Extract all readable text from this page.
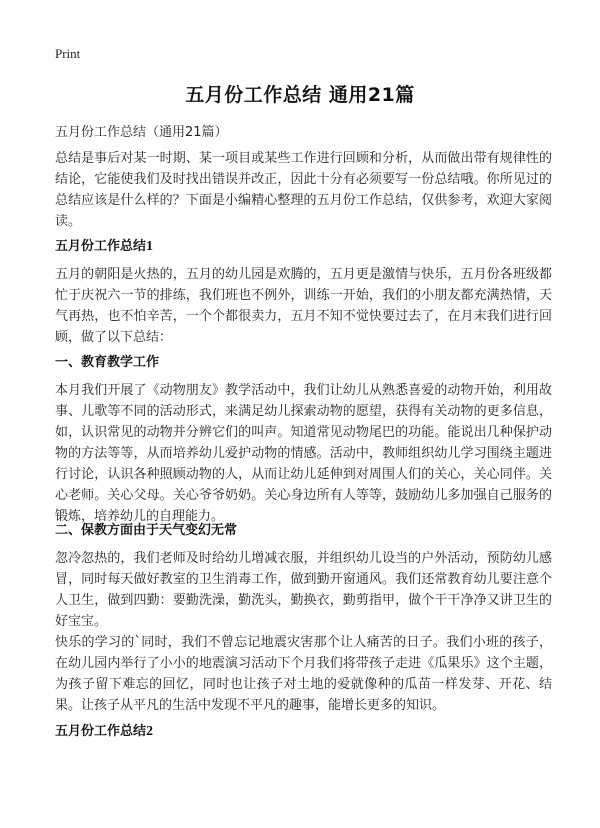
Print
五月份工作总结 通用21篇
五月份工作总结（通用21篇）

总结是事后对某一时期、某一项目或某些工作进行回顾和分析，从而做出带有规律性的结论，它能使我们及时找出错误并改正，因此十分有必须要写一份总结哦。你所见过的总结应该是什么样的？下面是小编精心整理的五月份工作总结，仅供参考，欢迎大家阅读。

五月份工作总结1

五月的朝阳是火热的，五月的幼儿园是欢腾的，五月更是激情与快乐，五月份各班级都忙于庆祝六一节的排练，我们班也不例外，训练一开始，我们的小朋友都充满热情，天气再热，也不怕辛苦，一个个都很卖力，五月不知不觉快要过去了，在月末我们进行回顾，做了以下总结：

一、教育教学工作

本月我们开展了《动物朋友》教学活动中，我们让幼儿从熟悉喜爱的动物开始，利用故事、儿歌等不同的活动形式，来满足幼儿探索动物的愿望，获得有关动物的更多信息，如，认识常见的动物并分辨它们的叫声。知道常见动物尾巴的功能。能说出几种保护动物的方法等等，从而培养幼儿爱护动物的情感。活动中，教师组织幼儿学习围绕主题进行讨论，认识各种照顾动物的人，从而让幼儿延伸到对周围人们的关心，关心同伴。关心老师。关心父母。关心爷爷奶奶。关心身边所有人等等，鼓励幼儿多加强自己服务的锻炼，培养幼儿的自理能力。

二、保教方面由于天气变幻无常

忽冷忽热的，我们老师及时给幼儿增减衣服，并组织幼儿设当的户外活动，预防幼儿感冒，同时每天做好教室的卫生消毒工作，做到勤开窗通风。我们还常教育幼儿要注意个人卫生，做到四勤：要勤洗澡，勤洗头，勤换衣，勤剪指甲，做个干干净净又讲卫生的好宝宝。

快乐的学习的`同时，我们不曾忘记地震灾害那个让人痛苦的日子。我们小班的孩子，在幼儿园内举行了小小的地震演习活动下个月我们将带孩子走进《瓜果乐》这个主题，为孩子留下难忘的回忆，同时也让孩子对土地的爱就像种的瓜苗一样发芽、开花、结果。让孩子从平凡的生活中发现不平凡的趣事，能增长更多的知识。

五月份工作总结2
